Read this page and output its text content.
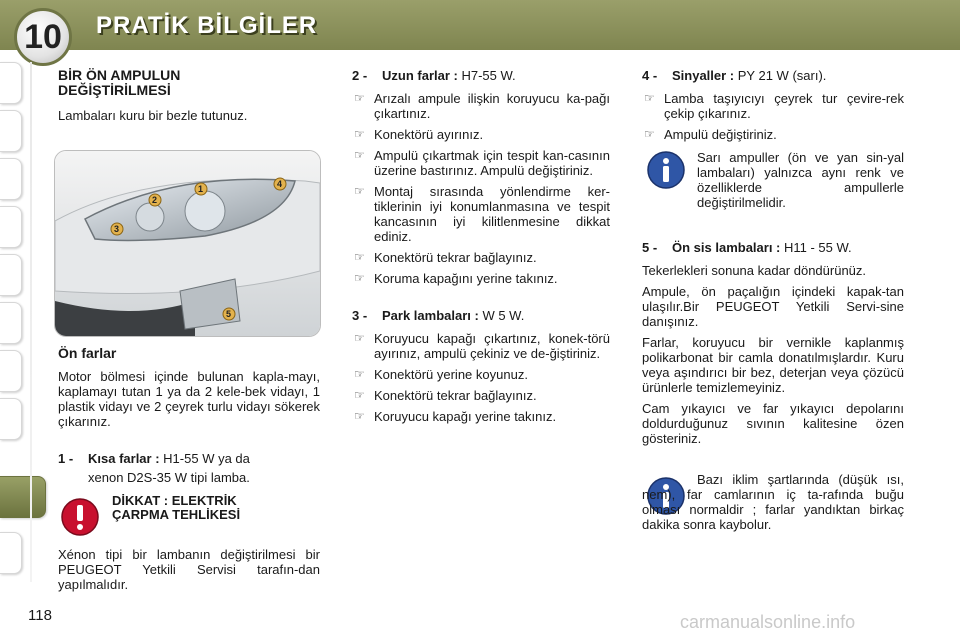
10	PRATİK BİLGİLER
BİR ÖN AMPULUN
DEĞİŞTİRİLMESİ

Lambaları kuru bir bezle tutunuz.

1
2
3
4
5
Ön farlar

Motor bölmesi içinde bulunan kapla-mayı, kaplamayı tutan 1 ya da 2 kele-bek vidayı, 1 plastik vidayı ve 2 çeyrek turlu vidayı sökerek çıkarınız.

1 - Kısa farlar : H1-55 W ya da
xenon D2S-35 W tipi lamba.
DİKKAT : ELEKTRİK
ÇARPMA TEHLİKESİ

Xénon tipi bir lambanın değiştirilmesi bir PEUGEOT Yetkili Servisi tarafın-dan yapılmalıdır.

2 - Uzun farlar : H7-55 W.
☞ Arızalı ampule ilişkin koruyucu ka-pağı çıkartınız.
☞ Konektörü ayırınız.
☞ Ampulü çıkartmak için tespit kan-casının üzerine bastırınız. Ampulü değiştiriniz.
☞ Montaj sırasında yönlendirme ker-tiklerinin iyi konumlanmasına ve tespit kancasının iyi kilitlenmesine dikkat ediniz.
☞ Konektörü tekrar bağlayınız.
☞ Koruma kapağını yerine takınız.
3 - Park lambaları : W 5 W.
☞ Koruyucu kapağı çıkartınız, konek-törü ayırınız, ampulü çekiniz ve de-ğiştiriniz.
☞ Konektörü yerine koyunuz.
☞ Konektörü tekrar bağlayınız.
☞ Koruyucu kapağı yerine takınız.
4 - Sinyaller : PY 21 W (sarı).
☞ Lamba taşıyıcıyı çeyrek tur çevire-rek çekip çıkarınız.
☞ Ampulü değiştiriniz.

Sarı ampuller (ön ve yan sin-yal lambaları) yalnızca aynı renk ve özelliklerde ampullerle değiştirilmelidir.

5 - Ön sis lambaları : H11 - 55 W.

Tekerlekleri sonuna kadar döndürünüz.

Ampule, ön paçalığın içindeki kapak-tan ulaşılır.Bir PEUGEOT Yetkili Servi-sine danışınız.

Farlar, koruyucu bir vernikle kaplanmış polikarbonat bir camla donatılmışlardır. Kuru veya aşındırıcı bir bez, deterjan veya çözücü ürünlerle temizlemeyiniz.

Cam yıkayıcı ve far yıkayıcı depolarını doldurduğunuz sıvının kalitesine özen gösteriniz.

Bazı iklim şartlarında (düşük ısı, nem), far camlarının iç ta-rafında buğu olması normaldir ; farlar yandıktan birkaç dakika sonra kaybolur.

118	carmanualsonline.info
